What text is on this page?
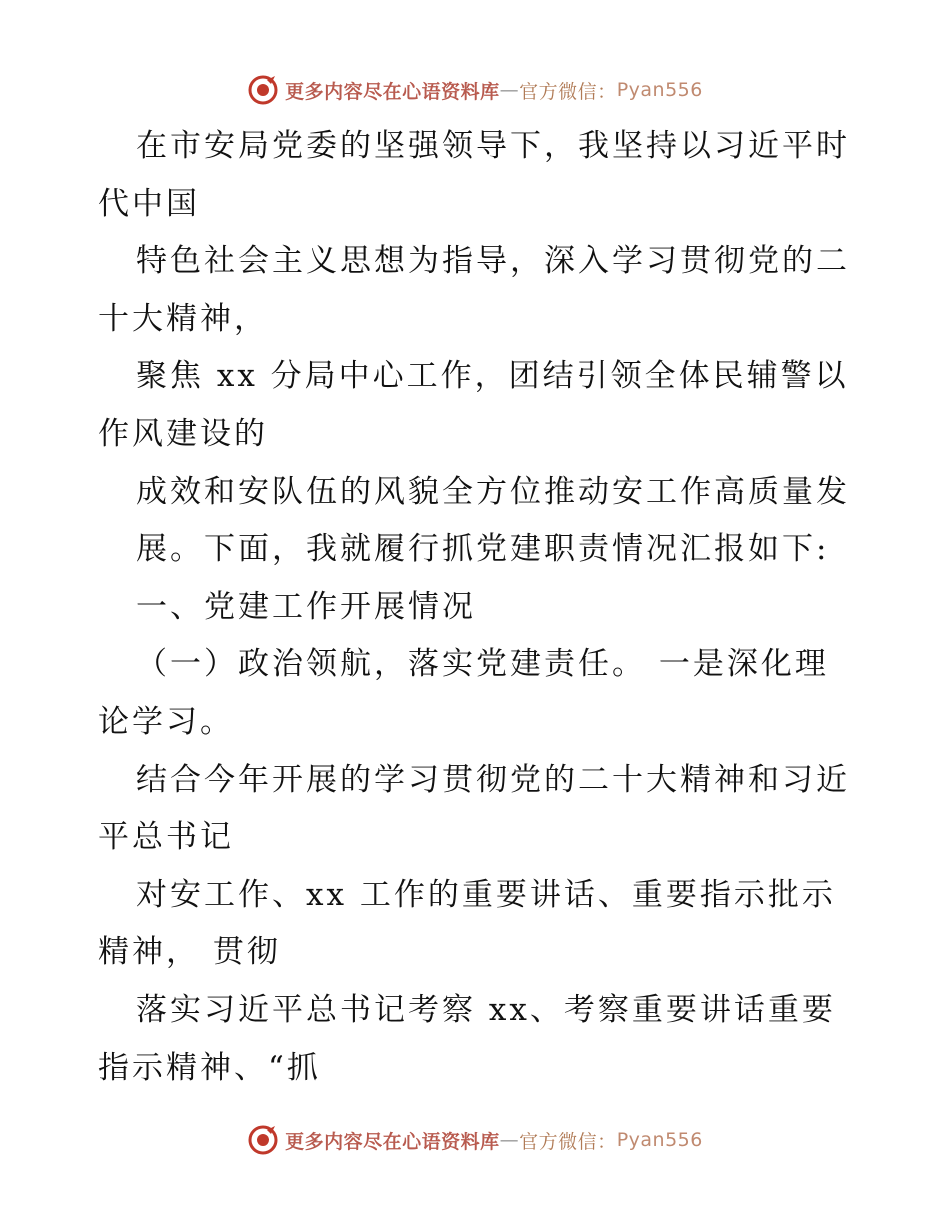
更多内容尽在心语资料库 — 官方微信： Pyan556
在市安局党委的坚强领导下，我坚持以习近平时
代中国
特色社会主义思想为指导，深入学习贯彻党的二
十大精神，
聚焦 xx 分局中心工作，团结引领全体民辅警以
作风建设的
成效和安队伍的风貌全方位推动安工作高质量发
展。下面，我就履行抓党建职责情况汇报如下:
一、党建工作开展情况
（一）政治领航，落实党建责任。 一是深化理
论学习。
结合今年开展的学习贯彻党的二十大精神和习近
平总书记
对安工作、xx 工作的重要讲话、重要指示批示
精神， 贯彻
落实习近平总书记考察 xx、考察重要讲话重要
指示精神、“抓
更多内容尽在心语资料库 — 官方微信： Pyan556
